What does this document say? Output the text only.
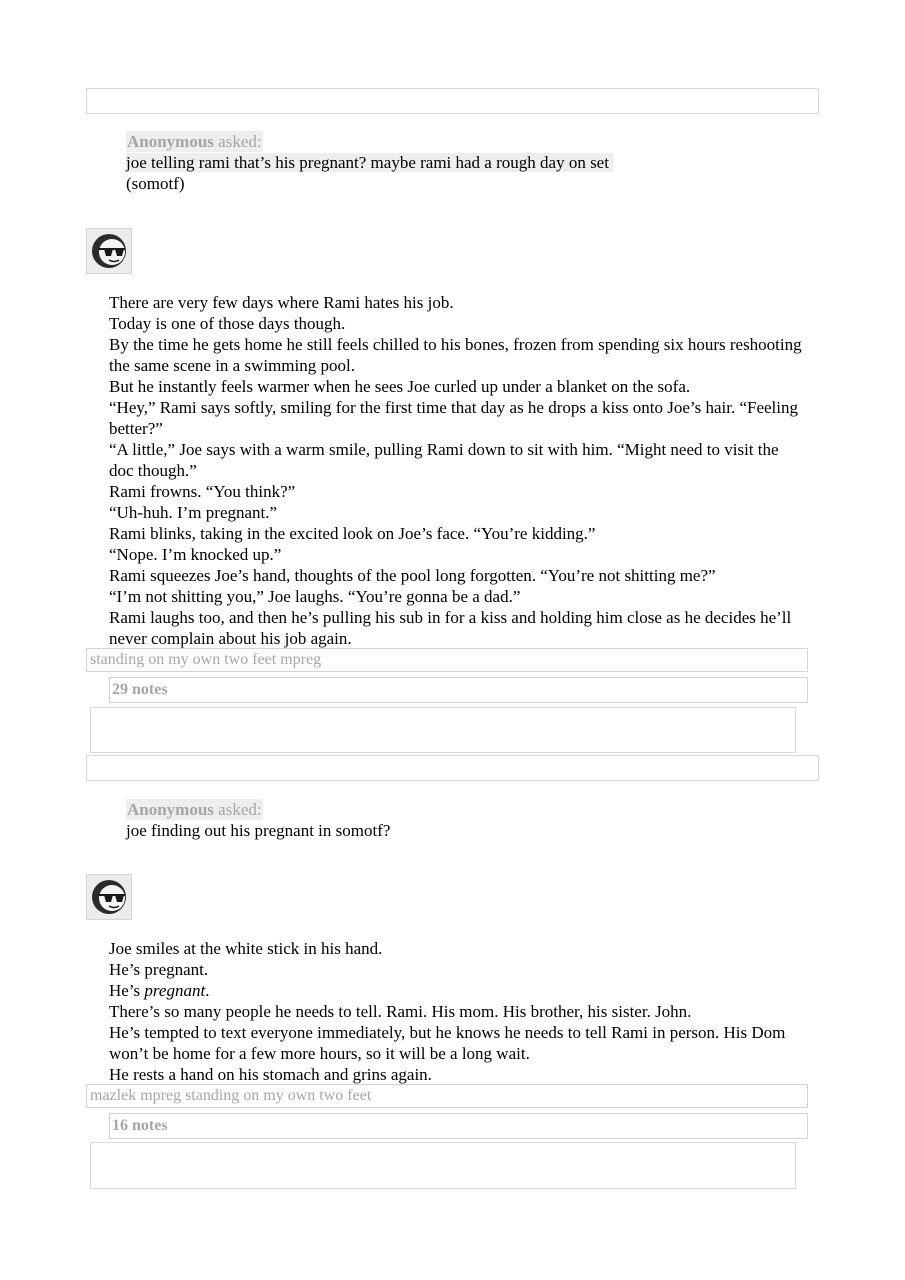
Anonymous asked:
joe telling rami that’s his pregnant? maybe rami had a rough day on set
(somotf)

There are very few days where Rami hates his job.

Today is one of those days though.

By the time he gets home he still feels chilled to his bones, frozen from spending six hours reshooting the same scene in a swimming pool.

But he instantly feels warmer when he sees Joe curled up under a blanket on the sofa.

“Hey,” Rami says softly, smiling for the first time that day as he drops a kiss onto Joe’s hair. “Feeling better?”

“A little,” Joe says with a warm smile, pulling Rami down to sit with him. “Might need to visit the doc though.”

Rami frowns. “You think?”

“Uh-huh. I’m pregnant.”

Rami blinks, taking in the excited look on Joe’s face. “You’re kidding.”

“Nope. I’m knocked up.”

Rami squeezes Joe’s hand, thoughts of the pool long forgotten. “You’re not shitting me?”

“I’m not shitting you,” Joe laughs. “You’re gonna be a dad.”

Rami laughs too, and then he’s pulling his sub in for a kiss and holding him close as he decides he’ll never complain about his job again.

standing on my own two feet mpreg
29 notes
Anonymous asked:
joe finding out his pregnant in somotf?

Joe smiles at the white stick in his hand.

He’s pregnant.

He’s pregnant.

There’s so many people he needs to tell. Rami. His mom. His brother, his sister. John.

He’s tempted to text everyone immediately, but he knows he needs to tell Rami in person. His Dom won’t be home for a few more hours, so it will be a long wait.

He rests a hand on his stomach and grins again.

mazlek mpreg standing on my own two feet
16 notes
